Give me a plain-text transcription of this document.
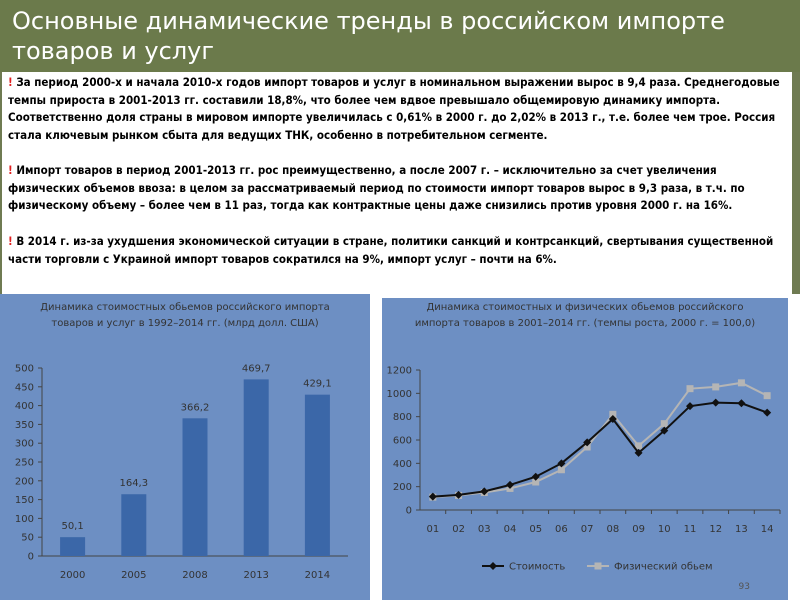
Основные динамические тренды в российском импорте товаров и услуг

! За период 2000-х и начала 2010-х годов импорт товаров и услуг в номинальном выражении вырос в 9,4 раза. Среднегодовые темпы прироста в 2001-2013 гг. составили 18,8%, что более чем вдвое превышало общемировую динамику импорта. Соответственно доля страны в мировом импорте увеличилась с 0,61% в 2000 г. до 2,02% в 2013 г., т.е. более чем трое. Россия стала ключевым рынком сбыта для ведущих ТНК, особенно в потребительном сегменте.

! Импорт товаров в период 2001-2013 гг. рос преимущественно, а после 2007 г. – исключительно за счет увеличения физических объемов ввоза: в целом за рассматриваемый период по стоимости импорт товаров вырос в 9,3 раза, в т.ч. по физическому объему – более чем в 11 раз, тогда как контрактные цены даже снизились против уровня 2000 г. на 16%.

! В 2014 г. из-за ухудшения экономической ситуации в стране, политики санкций и контрсанкций, свертывания существенной части торговли с Украиной импорт товаров сократился на 9%, импорт услуг – почти на 6%.

Динамика стоимостных обьемов российского импорта товаров и услуг в 1992–2014 гг. (млрд долл. США)
0
50
100
150
200
250
300
350
400
450
500
50,1
2000
164,3
2005
366,2
2008
469,7
2013
429,1
2014
Динамика стоимостных и физических обьемов российского импорта товаров в 2001–2014 гг. (темпы роста, 2000 г. = 100,0)
0
200
400
600
800
1000
1200
01 02 03 04 05 06 07 08 09 10 11 12 13 14
Стоимость	Физический обьем
93
